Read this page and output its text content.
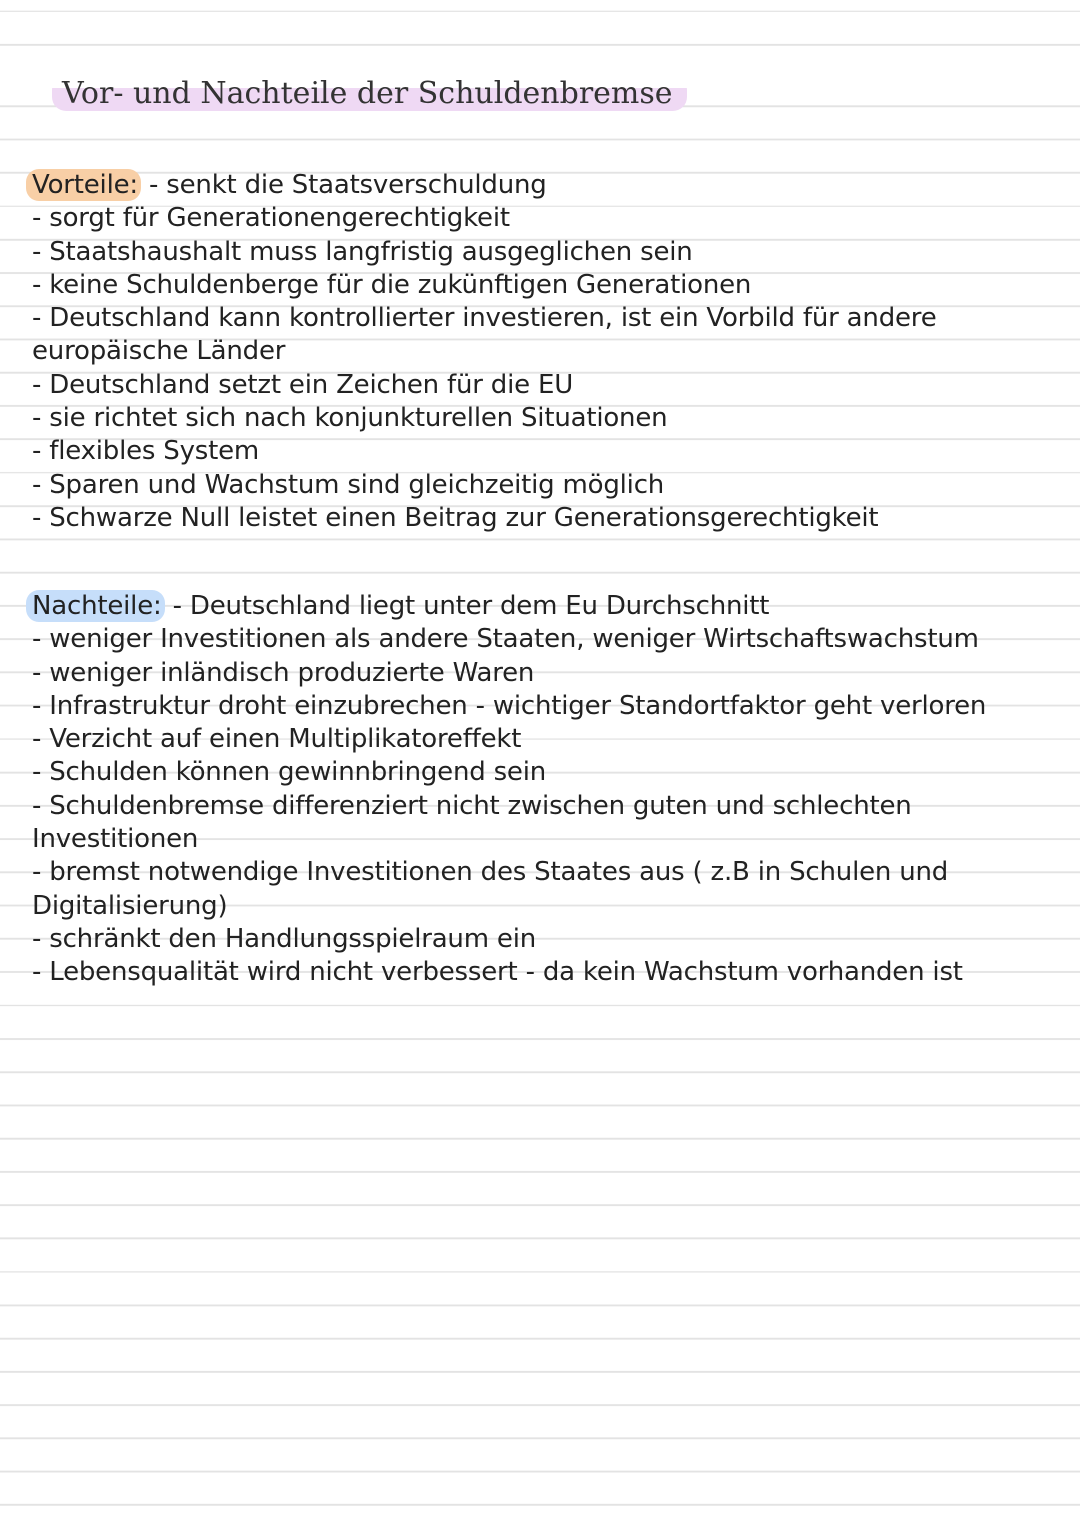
Vor- und Nachteile der Schuldenbremse

Vorteile: - senkt die Staatsverschuldung

- sorgt für Generationengerechtigkeit

- Staatshaushalt muss langfristig ausgeglichen sein

- keine Schuldenberge für die zukünftigen Generationen

- Deutschland kann kontrollierter investieren, ist ein Vorbild für andere

europäische Länder

- Deutschland setzt ein Zeichen für die EU

- sie richtet sich nach konjunkturellen Situationen

- flexibles System

- Sparen und Wachstum sind gleichzeitig möglich

- Schwarze Null leistet einen Beitrag zur Generationsgerechtigkeit

Nachteile: - Deutschland liegt unter dem Eu Durchschnitt

- weniger Investitionen als andere Staaten, weniger Wirtschaftswachstum

- weniger inländisch produzierte Waren

- Infrastruktur droht einzubrechen - wichtiger Standortfaktor geht verloren

- Verzicht auf einen Multiplikatoreffekt

- Schulden können gewinnbringend sein

- Schuldenbremse differenziert nicht zwischen guten und schlechten

Investitionen

- bremst notwendige Investitionen des Staates aus ( z.B in Schulen und

Digitalisierung)

- schränkt den Handlungsspielraum ein

- Lebensqualität wird nicht verbessert - da kein Wachstum vorhanden ist
